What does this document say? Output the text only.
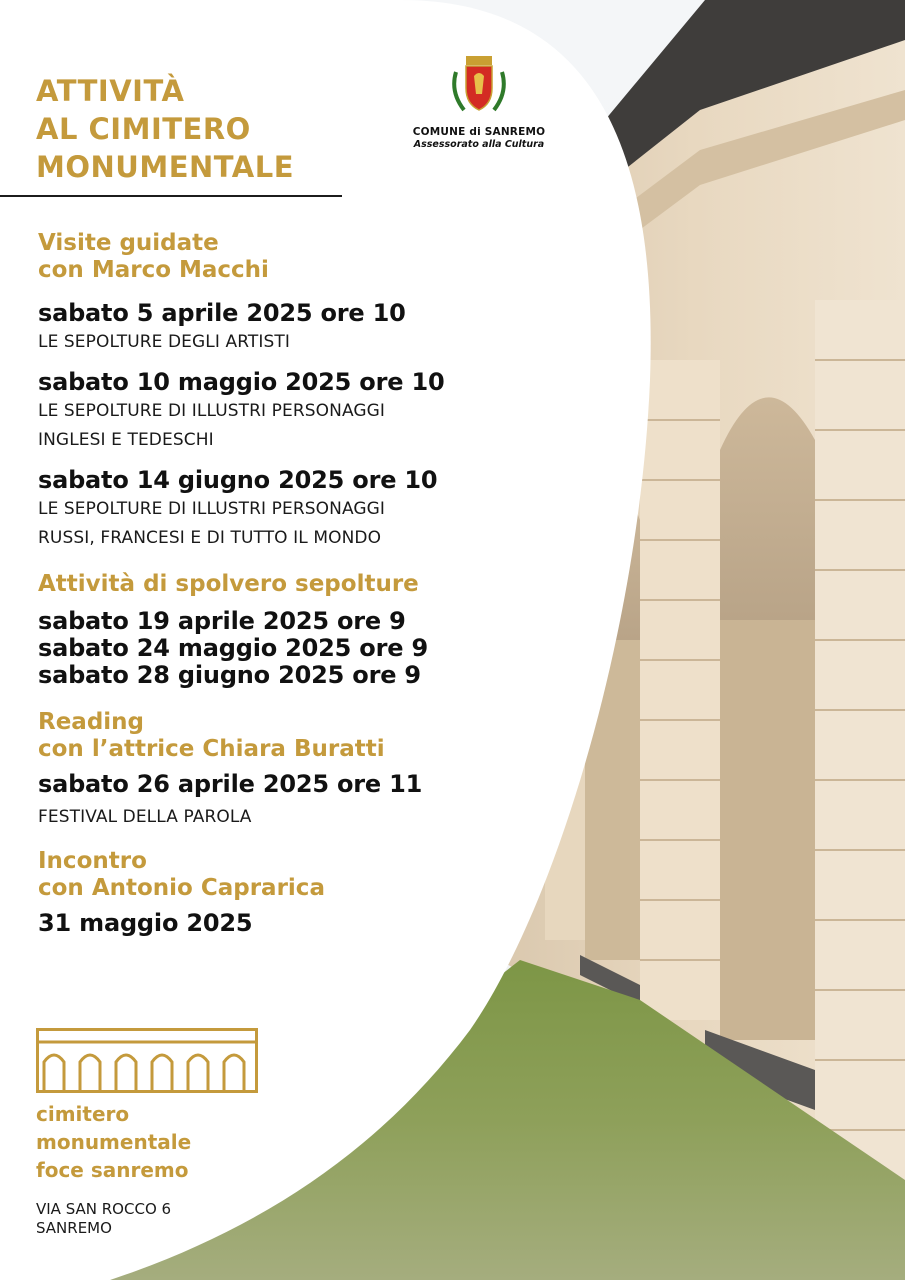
ATTIVITÀ
AL CIMITERO
MONUMENTALE
COMUNE di SANREMO
Assessorato alla Cultura

Visite guidate
con Marco Macchi

sabato 5 aprile 2025 ore 10

LE SEPOLTURE DEGLI ARTISTI

sabato 10 maggio 2025 ore 10

LE SEPOLTURE DI ILLUSTRI PERSONAGGI

INGLESI E TEDESCHI

sabato 14 giugno 2025 ore 10

LE SEPOLTURE DI ILLUSTRI PERSONAGGI

RUSSI, FRANCESI E DI TUTTO IL MONDO

Attività di spolvero sepolture

sabato 19 aprile 2025 ore 9

sabato 24 maggio 2025 ore 9

sabato 28 giugno 2025 ore 9

Reading
con l’attrice Chiara Buratti

sabato 26 aprile 2025 ore 11

FESTIVAL DELLA PAROLA

Incontro
con Antonio Caprarica

31 maggio 2025

cimitero
monumentale
foce sanremo
VIA SAN ROCCO 6
SANREMO
